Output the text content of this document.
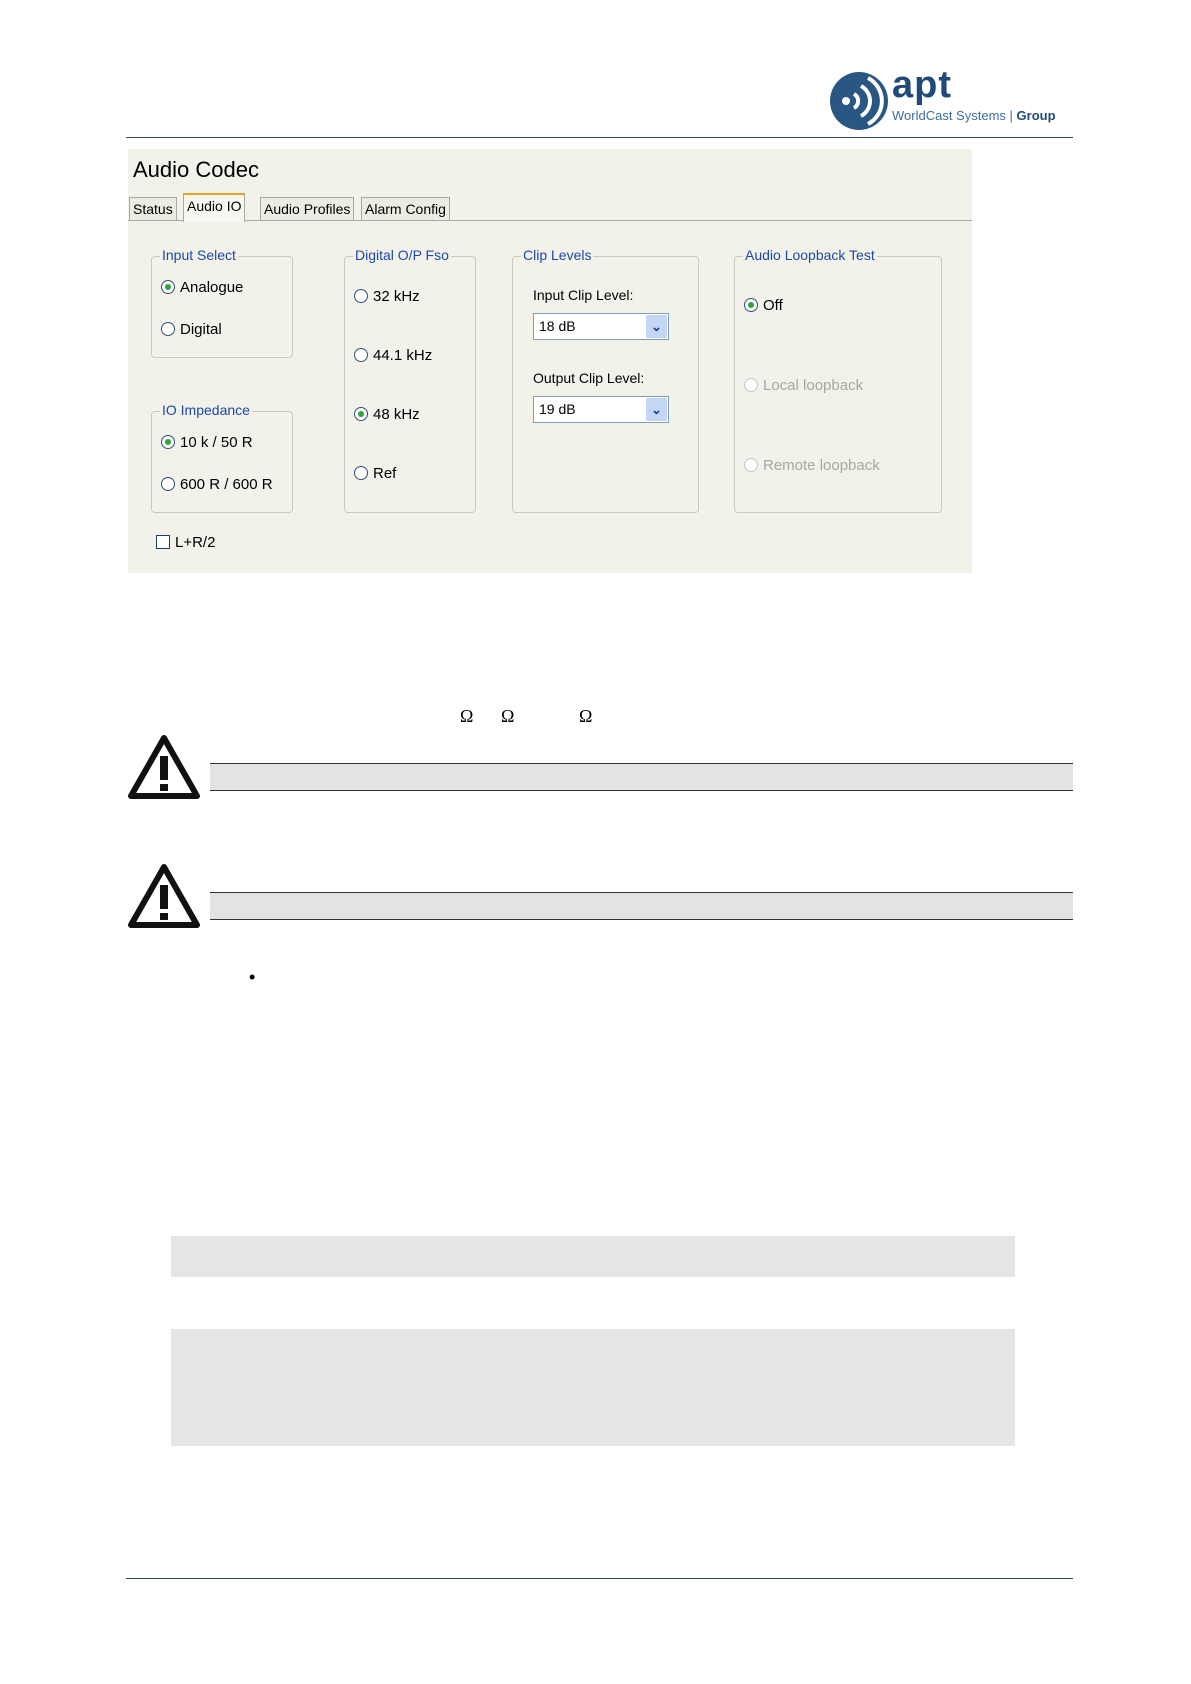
apt
WorldCast Systems | Group
Audio Codec
Status Audio IO Audio Profiles Alarm Config
Input Select
Analogue
Digital
IO Impedance
10 k / 50 R
600 R / 600 R
Digital O/P Fso
32 kHz
44.1 kHz
48 kHz
Ref
Clip Levels
Input Clip Level:
18 dB	⌄
Output Clip Level:
19 dB	⌄
Audio Loopback Test
Off
Local loopback
Remote loopback
L+R/2
Ω Ω	Ω
•
